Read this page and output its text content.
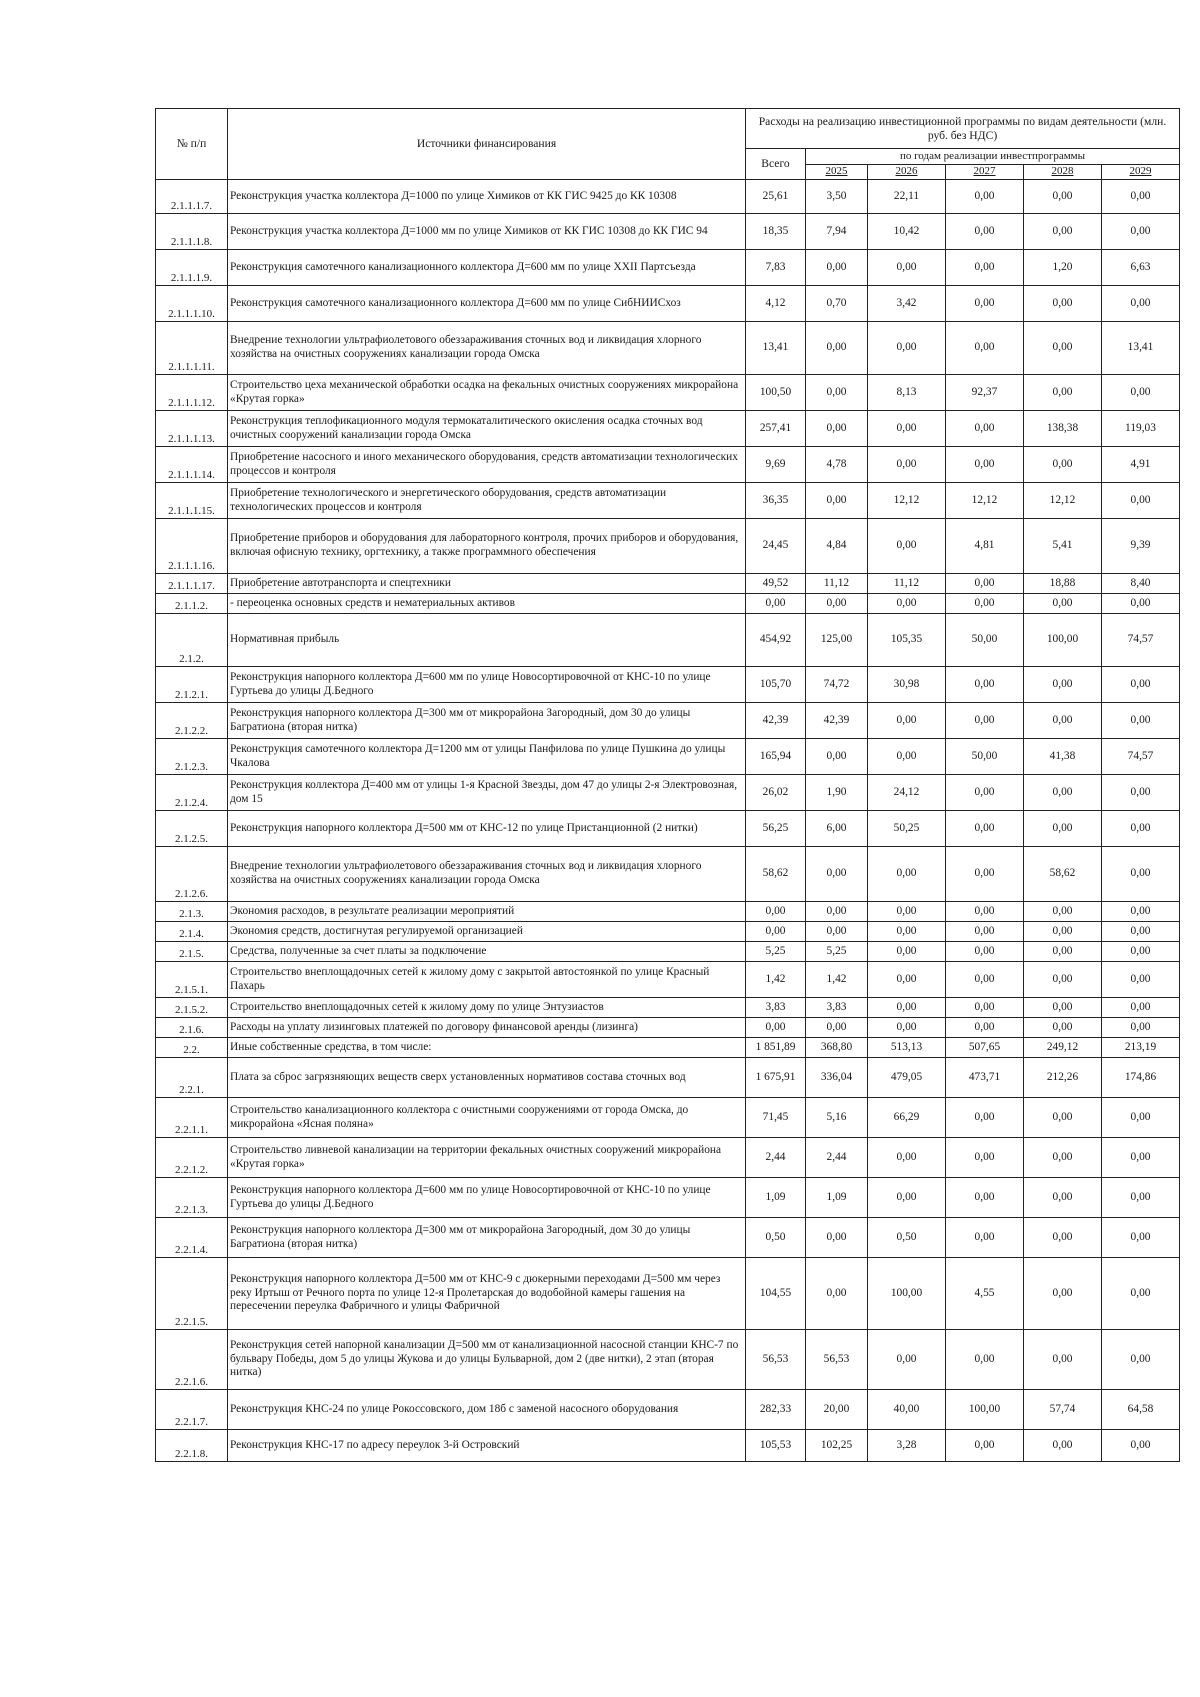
№ п/п	Источники финансирования	Расходы на реализацию инвестиционной программы по видам деятельности (млн. руб. без НДС)					
		Всего	по годам реализации инвестпрограммы				
			2025	2026	2027	2028	2029
2.1.1.1.7.	Реконструкция участка коллектора Д=1000 по улице Химиков от КК ГИС 9425 до КК 10308	25,61	3,50	22,11	0,00	0,00	0,00
2.1.1.1.8.	Реконструкция участка коллектора Д=1000 мм по улице Химиков от КК ГИС 10308 до КК ГИС 94	18,35	7,94	10,42	0,00	0,00	0,00
2.1.1.1.9.	Реконструкция самотечного канализационного коллектора Д=600 мм по улице XXII Партсъезда	7,83	0,00	0,00	0,00	1,20	6,63
2.1.1.1.10.	Реконструкция самотечного канализационного коллектора Д=600 мм по улице СибНИИСхоз	4,12	0,70	3,42	0,00	0,00	0,00
2.1.1.1.11.	Внедрение технологии ультрафиолетового обеззараживания сточных вод и ликвидация хлорного хозяйства на очистных сооружениях канализации города Омска	13,41	0,00	0,00	0,00	0,00	13,41
2.1.1.1.12.	Строительство цеха механической обработки осадка на фекальных очистных сооружениях микрорайона «Крутая горка»	100,50	0,00	8,13	92,37	0,00	0,00
2.1.1.1.13.	Реконструкция теплофикационного модуля термокаталитического окисления осадка сточных вод очистных сооружений канализации города Омска	257,41	0,00	0,00	0,00	138,38	119,03
2.1.1.1.14.	Приобретение насосного и иного механического оборудования, средств автоматизации технологических процессов и контроля	9,69	4,78	0,00	0,00	0,00	4,91
2.1.1.1.15.	Приобретение технологического и энергетического оборудования, средств автоматизации технологических процессов и контроля	36,35	0,00	12,12	12,12	12,12	0,00
2.1.1.1.16.	Приобретение приборов и оборудования для лабораторного контроля, прочих приборов и оборудования, включая офисную технику, оргтехнику, а также программного обеспечения	24,45	4,84	0,00	4,81	5,41	9,39
2.1.1.1.17.	Приобретение автотранспорта и спецтехники	49,52	11,12	11,12	0,00	18,88	8,40
2.1.1.2.	- переоценка основных средств и нематериальных активов	0,00	0,00	0,00	0,00	0,00	0,00
2.1.2.	Нормативная прибыль	454,92	125,00	105,35	50,00	100,00	74,57
2.1.2.1.	Реконструкция напорного коллектора Д=600 мм по улице Новосортировочной от КНС-10 по улице Гуртьева до улицы Д.Бедного	105,70	74,72	30,98	0,00	0,00	0,00
2.1.2.2.	Реконструкция напорного коллектора Д=300 мм от микрорайона Загородный, дом 30 до улицы Багратиона (вторая нитка)	42,39	42,39	0,00	0,00	0,00	0,00
2.1.2.3.	Реконструкция самотечного коллектора Д=1200 мм от улицы Панфилова по улице Пушкина до улицы Чкалова	165,94	0,00	0,00	50,00	41,38	74,57
2.1.2.4.	Реконструкция коллектора Д=400 мм от улицы 1-я Красной Звезды, дом 47 до улицы 2-я Электровозная, дом 15	26,02	1,90	24,12	0,00	0,00	0,00
2.1.2.5.	Реконструкция напорного коллектора Д=500 мм от КНС-12 по улице Пристанционной (2 нитки)	56,25	6,00	50,25	0,00	0,00	0,00
2.1.2.6.	Внедрение технологии ультрафиолетового обеззараживания сточных вод и ликвидация хлорного хозяйства на очистных сооружениях канализации города Омска	58,62	0,00	0,00	0,00	58,62	0,00
2.1.3.	Экономия расходов, в результате реализации мероприятий	0,00	0,00	0,00	0,00	0,00	0,00
2.1.4.	Экономия средств, достигнутая регулируемой организацией	0,00	0,00	0,00	0,00	0,00	0,00
2.1.5.	Средства, полученные за счет платы за подключение	5,25	5,25	0,00	0,00	0,00	0,00
2.1.5.1.	Строительство внеплощадочных сетей к жилому дому с закрытой автостоянкой по улице Красный Пахарь	1,42	1,42	0,00	0,00	0,00	0,00
2.1.5.2.	Строительство внеплощадочных сетей к жилому дому по улице Энтузиастов	3,83	3,83	0,00	0,00	0,00	0,00
2.1.6.	Расходы на уплату лизинговых платежей по договору финансовой аренды (лизинга)	0,00	0,00	0,00	0,00	0,00	0,00
2.2.	Иные собственные средства, в том числе:	1 851,89	368,80	513,13	507,65	249,12	213,19
2.2.1.	Плата за сброс загрязняющих веществ сверх установленных нормативов состава сточных вод	1 675,91	336,04	479,05	473,71	212,26	174,86
2.2.1.1.	Строительство канализационного коллектора с очистными сооружениями от города Омска, до микрорайона «Ясная поляна»	71,45	5,16	66,29	0,00	0,00	0,00
2.2.1.2.	Строительство ливневой канализации на территории фекальных очистных сооружений микрорайона «Крутая горка»	2,44	2,44	0,00	0,00	0,00	0,00
2.2.1.3.	Реконструкция напорного коллектора Д=600 мм по улице Новосортировочной от КНС-10 по улице Гуртьева до улицы Д.Бедного	1,09	1,09	0,00	0,00	0,00	0,00
2.2.1.4.	Реконструкция напорного коллектора Д=300 мм от микрорайона Загородный, дом 30 до улицы Багратиона (вторая нитка)	0,50	0,00	0,50	0,00	0,00	0,00
2.2.1.5.	Реконструкция напорного коллектора Д=500 мм от КНС-9 с дюкерными переходами Д=500 мм через реку Иртыш от Речного порта по улице 12-я Пролетарская до водобойной камеры гашения на пересечении переулка Фабричного и улицы Фабричной	104,55	0,00	100,00	4,55	0,00	0,00
2.2.1.6.	Реконструкция сетей напорной канализации Д=500 мм от канализационной насосной станции КНС-7 по бульвару Победы, дом 5 до улицы Жукова и до улицы Бульварной, дом 2 (две нитки), 2 этап (вторая нитка)	56,53	56,53	0,00	0,00	0,00	0,00
2.2.1.7.	Реконструкция КНС-24 по улице Рокоссовского, дом 18б с заменой насосного оборудования	282,33	20,00	40,00	100,00	57,74	64,58
2.2.1.8.	Реконструкция КНС-17 по адресу переулок 3-й Островский	105,53	102,25	3,28	0,00	0,00	0,00
